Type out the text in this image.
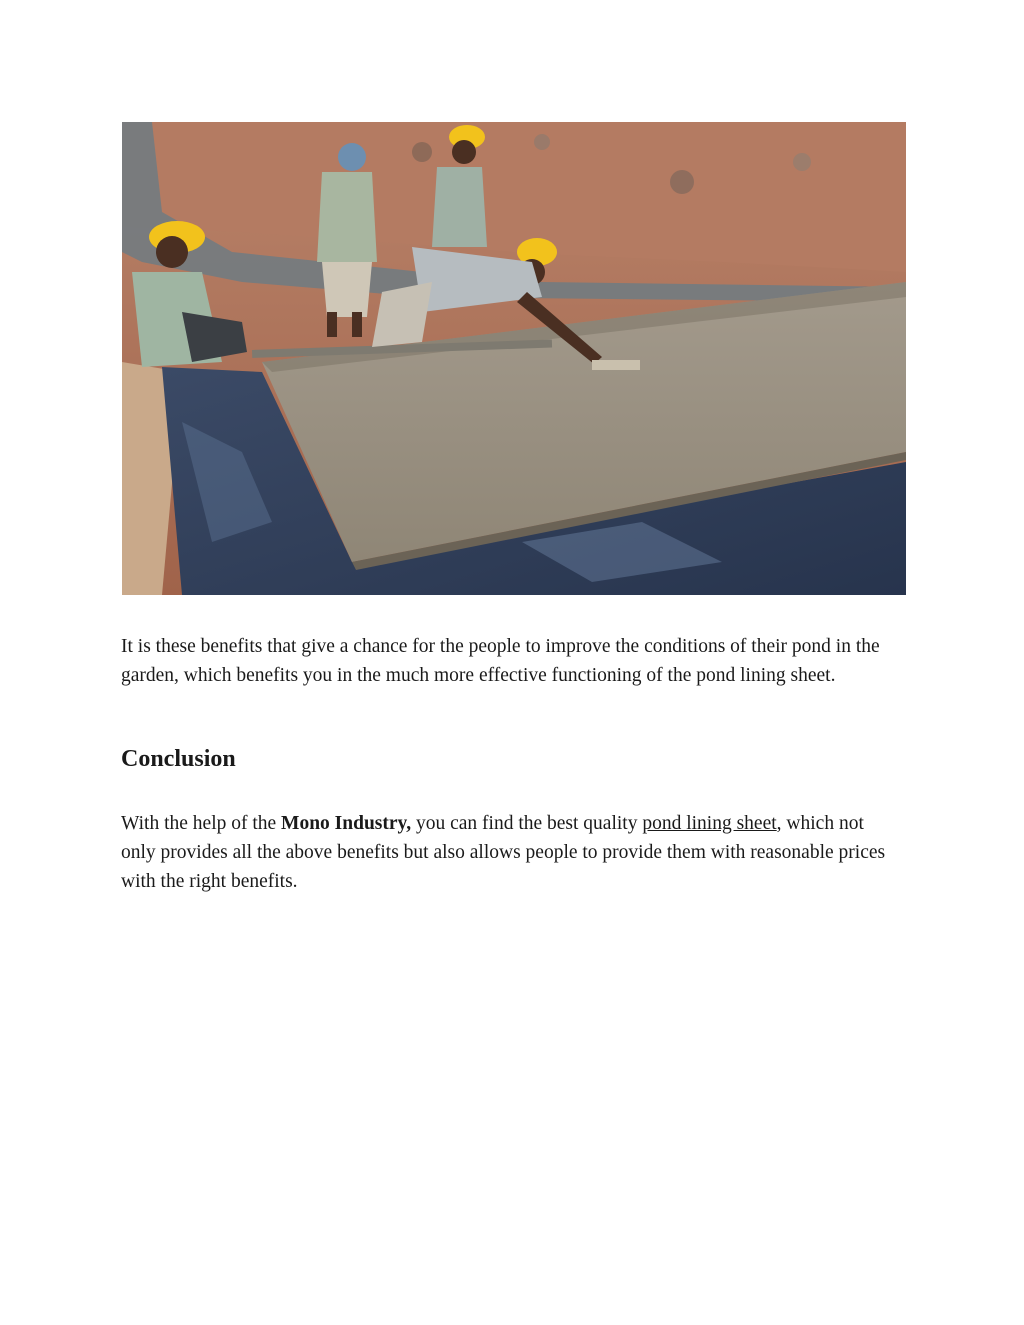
It is these benefits that give a chance for the people to improve the conditions of their pond in the garden, which benefits you in the much more effective functioning of the pond lining sheet.

Conclusion

With the help of the Mono Industry, you can find the best quality pond lining sheet, which not only provides all the above benefits but also allows people to provide them with reasonable prices with the right benefits.
